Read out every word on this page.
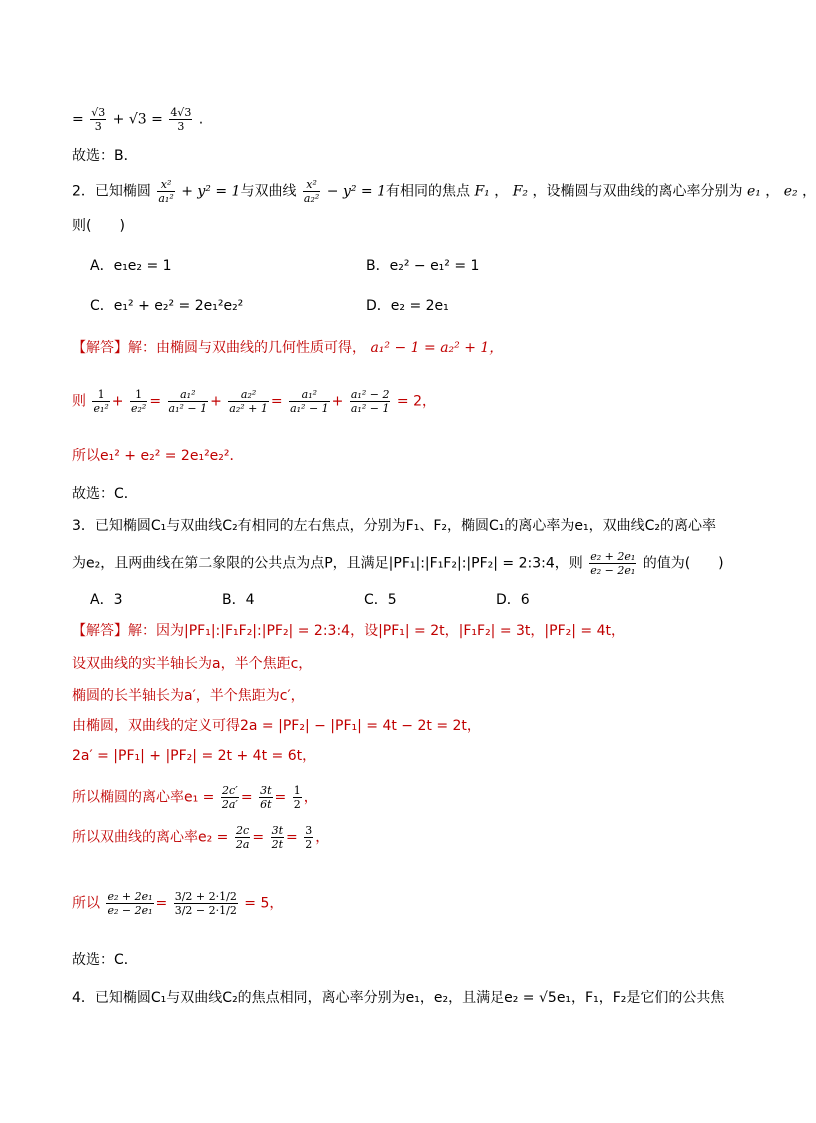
= $\frac{√3}{3} + √3 = \frac{4√3}{3}$ .
故选：B．
2．已知椭圆 $\frac{\text{x²}}{\text{a₁²}} + y^2 = 1$与双曲线 $\frac{\text{x²}}{\text{a₂²}} - y^2 = 1$有相同的焦点 F₁ ， F₂ ，设椭圆与双曲线的离心率分别为 e₁ ， e₂ ，
则(　　)
A．e₁e₂ = 1	B．e₂² − e₁² = 1
C．e₁² + e₂² = 2e₁²e₂²	D．e₂ = 2e₁
【解答】解：由椭圆与双曲线的几何性质可得， a₁² − 1 = a₂² + 1，
则 $\frac{1}{\text{e₁²}} + \frac{1}{\text{e₂²}} = \frac{\text{a₁²}}{\text{a₁² − 1}} + \frac{\text{a₂²}}{\text{a₂² + 1}} = \frac{\text{a₁²}}{\text{a₁² − 1}} + \frac{\text{a₁² − 2}}{\text{a₁² − 1}} = 2$，
所以e₁² + e₂² = 2e₁²e₂²．
故选：C．
3．已知椭圆C₁与双曲线C₂有相同的左右焦点，分别为F₁、F₂，椭圆C₁的离心率为e₁，双曲线C₂的离心率
为e₂，且两曲线在第二象限的公共点为点P，且满足|PF₁|:|F₁F₂|:|PF₂| = 2:3:4，则 $\frac{\text{e₂ + 2e₁}}{\text{e₂ − 2e₁}}$ 的值为(　　)
A．3	B．4	C．5	D．6
【解答】解：因为|PF₁|:|F₁F₂|:|PF₂| = 2:3:4，设|PF₁| = 2t，|F₁F₂| = 3t，|PF₂| = 4t，
设双曲线的实半轴长为a，半个焦距c，
椭圆的长半轴长为a′，半个焦距为c′，
由椭圆，双曲线的定义可得2a = |PF₂| − |PF₁| = 4t − 2t = 2t，
2a′ = |PF₁| + |PF₂| = 2t + 4t = 6t，
所以椭圆的离心率$e_1 = \frac{2c'}{2a'} = \frac{3t}{6t} = \frac{1}{2}$ ，
所以双曲线的离心率$e_2 = \frac{2c}{2a} = \frac{3t}{2t} = \frac{3}{2}$ ，
所以 $\frac{\text{e₂ + 2e₁}}{\text{e₂ − 2e₁}} = \frac{3/2 + 2\cdot 1/2}{3/2 - 2\cdot 1/2} = 5$，
故选：C．
4．已知椭圆C₁与双曲线C₂的焦点相同，离心率分别为e₁，e₂，且满足e₂ = √5e₁，F₁，F₂是它们的公共焦
